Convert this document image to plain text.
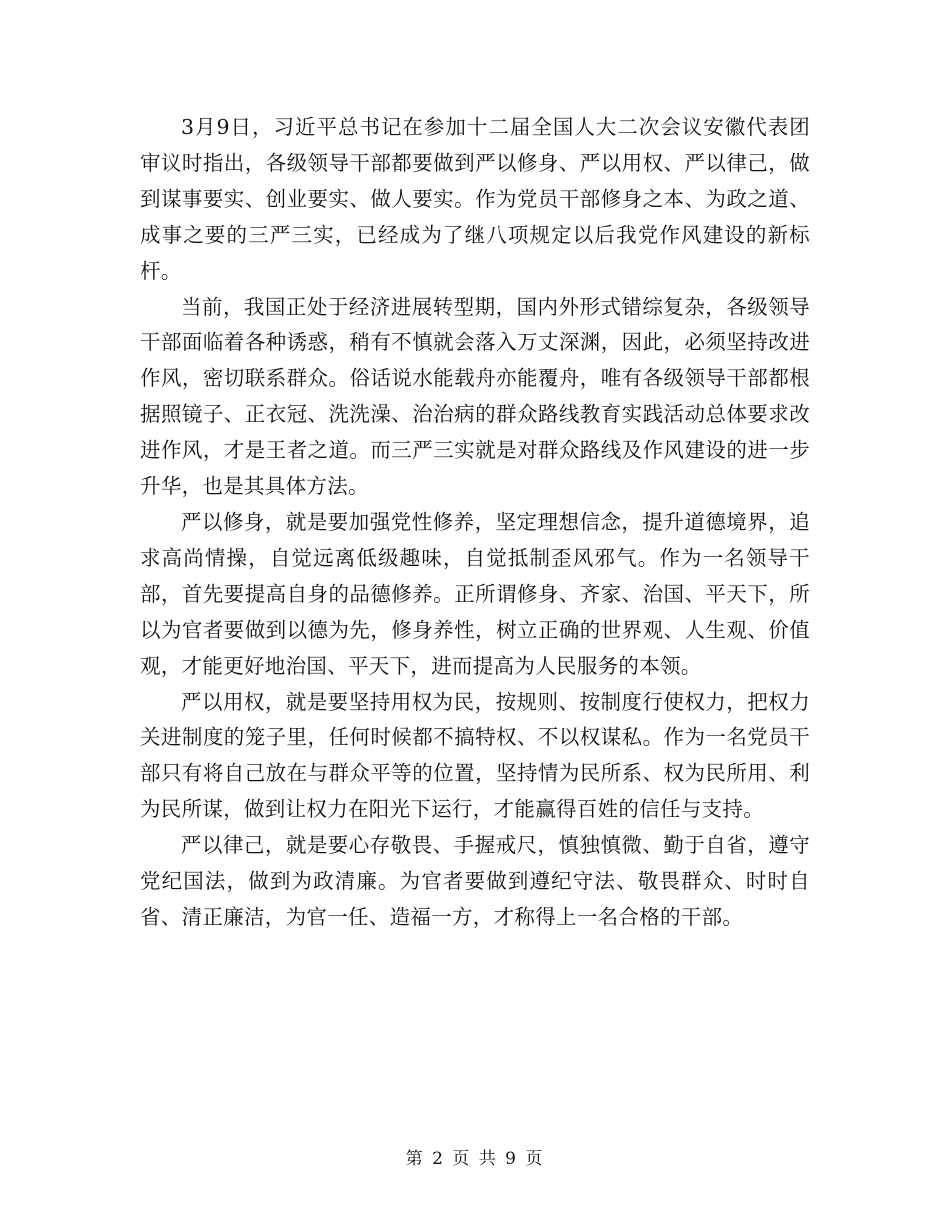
3月9日，习近平总书记在参加十二届全国人大二次会议安徽代表团审议时指出，各级领导干部都要做到严以修身、严以用权、严以律己，做到谋事要实、创业要实、做人要实。作为党员干部修身之本、为政之道、成事之要的三严三实，已经成为了继八项规定以后我党作风建设的新标杆。

当前，我国正处于经济进展转型期，国内外形式错综复杂，各级领导干部面临着各种诱惑，稍有不慎就会落入万丈深渊，因此，必须坚持改进作风，密切联系群众。俗话说水能载舟亦能覆舟，唯有各级领导干部都根据照镜子、正衣冠、洗洗澡、治治病的群众路线教育实践活动总体要求改进作风，才是王者之道。而三严三实就是对群众路线及作风建设的进一步升华，也是其具体方法。

严以修身，就是要加强党性修养，坚定理想信念，提升道德境界，追求高尚情操，自觉远离低级趣味，自觉抵制歪风邪气。作为一名领导干部，首先要提高自身的品德修养。正所谓修身、齐家、治国、平天下，所以为官者要做到以德为先，修身养性，树立正确的世界观、人生观、价值观，才能更好地治国、平天下，进而提高为人民服务的本领。

严以用权，就是要坚持用权为民，按规则、按制度行使权力，把权力关进制度的笼子里，任何时候都不搞特权、不以权谋私。作为一名党员干部只有将自己放在与群众平等的位置，坚持情为民所系、权为民所用、利为民所谋，做到让权力在阳光下运行，才能赢得百姓的信任与支持。

严以律己，就是要心存敬畏、手握戒尺，慎独慎微、勤于自省，遵守党纪国法，做到为政清廉。为官者要做到遵纪守法、敬畏群众、时时自省、清正廉洁，为官一任、造福一方，才称得上一名合格的干部。

第 2 页 共 9 页
